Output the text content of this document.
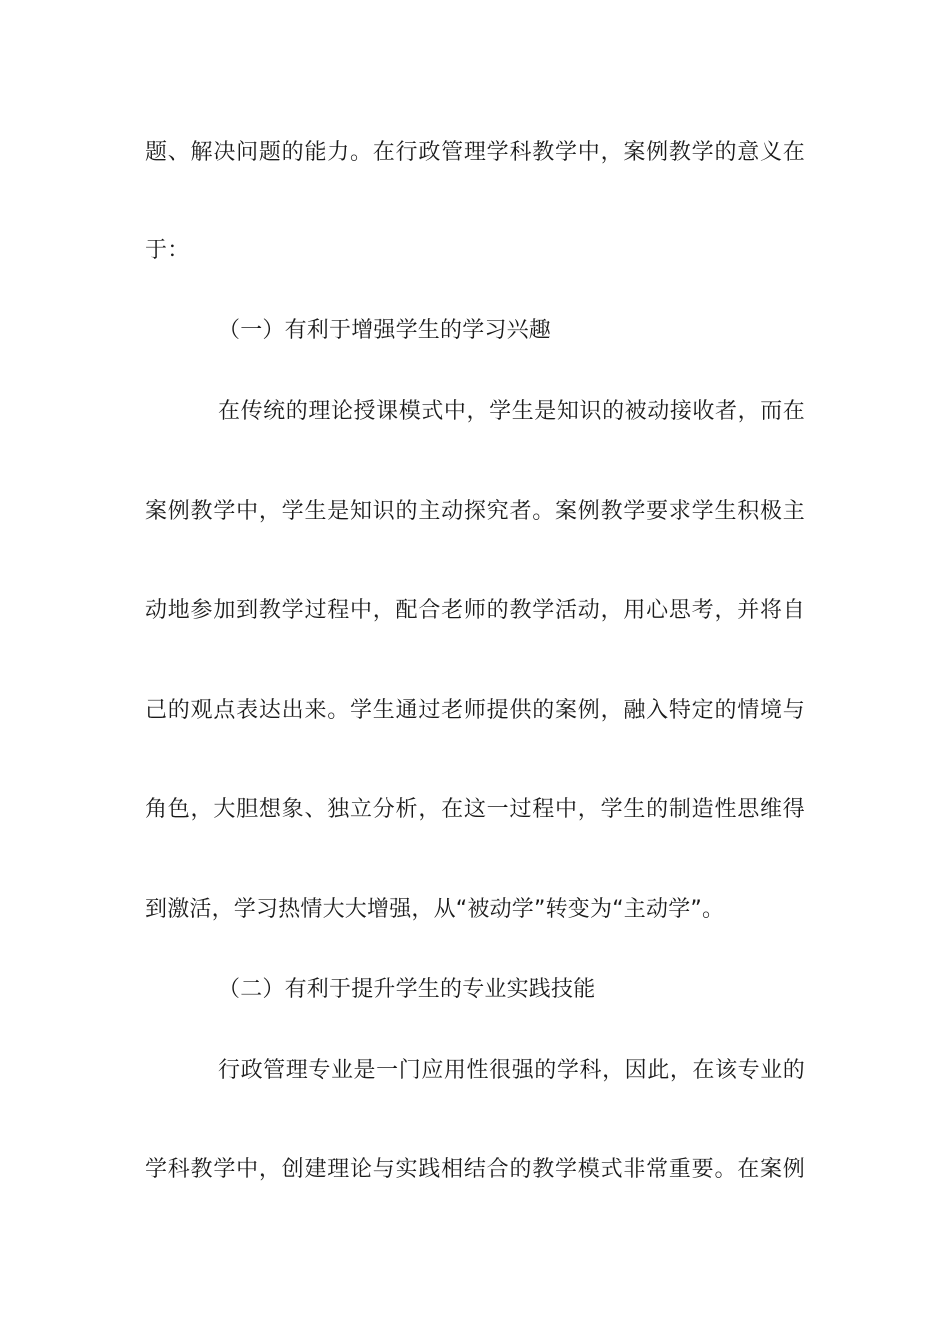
题、解决问题的能力。在行政管理学科教学中，案例教学的意义在
于：
（一）有利于增强学生的学习兴趣
在传统的理论授课模式中，学生是知识的被动接收者，而在
案例教学中，学生是知识的主动探究者。案例教学要求学生积极主
动地参加到教学过程中，配合老师的教学活动，用心思考，并将自
己的观点表达出来。学生通过老师提供的案例，融入特定的情境与
角色，大胆想象、独立分析，在这一过程中，学生的制造性思维得
到激活，学习热情大大增强，从“被动学”转变为“主动学”。
（二）有利于提升学生的专业实践技能
行政管理专业是一门应用性很强的学科，因此，在该专业的
学科教学中，创建理论与实践相结合的教学模式非常重要。在案例
